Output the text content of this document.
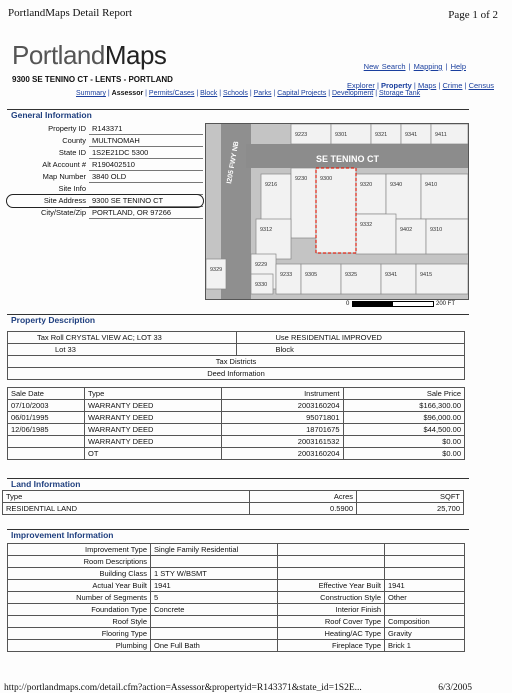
PortlandMaps Detail Report	Page 1 of 2
PortlandMaps
9300 SE TENINO CT - LENTS - PORTLAND
New Search | Mapping | Help
Explorer | Property | Maps | Crime | Census
Summary | Assessor | Permits/Cases | Block | Schools | Parks | Capital Projects | Development | Storage Tank
General Information
Property ID	R143371
County	MULTNOMAH
State ID	1S2E21DC 5300
Alt Account #	R190402510
Map Number	3840 OLD
Site Info	
Site Address	9300 SE TENINO CT
City/State/Zip	PORTLAND, OR 97266
SE TENINO CT
I205 FWY NB
9223	9301	9321	9341	9411
9216
9230 9300
9320	9340	9410
9312
9332
9402	9310
9229
9233 9305	9325	9341	9415
9329
9330
0	200 FT
Property Description
Tax Roll CRYSTAL VIEW AC; LOT 33	Use RESIDENTIAL IMPROVED
Lot 33	Block
Tax Districts	
Deed Information	
Sale Date	Type	Instrument	Sale Price
07/10/2003	WARRANTY DEED	2003160204	$166,300.00
06/01/1995	WARRANTY DEED	95071801	$96,000.00
12/06/1985	WARRANTY DEED	18701675	$44,500.00
	WARRANTY DEED	2003161532	$0.00
	OT	2003160204	$0.00
Land Information
Type	Acres	SQFT
RESIDENTIAL LAND	0.5900	25,700
Improvement Information
Improvement Type	Single Family Residential		
Room Descriptions			
Building Class	1 STY W/BSMT		
Actual Year Built	1941	Effective Year Built	1941
Number of Segments	5	Construction Style	Other
Foundation Type	Concrete	Interior Finish	
Roof Style		Roof Cover Type	Composition
Flooring Type		Heating/AC Type	Gravity
Plumbing	One Full Bath	Fireplace Type	Brick 1
http://portlandmaps.com/detail.cfm?action=Assessor&propertyid=R143371&state_id=1S2E...	6/3/2005
